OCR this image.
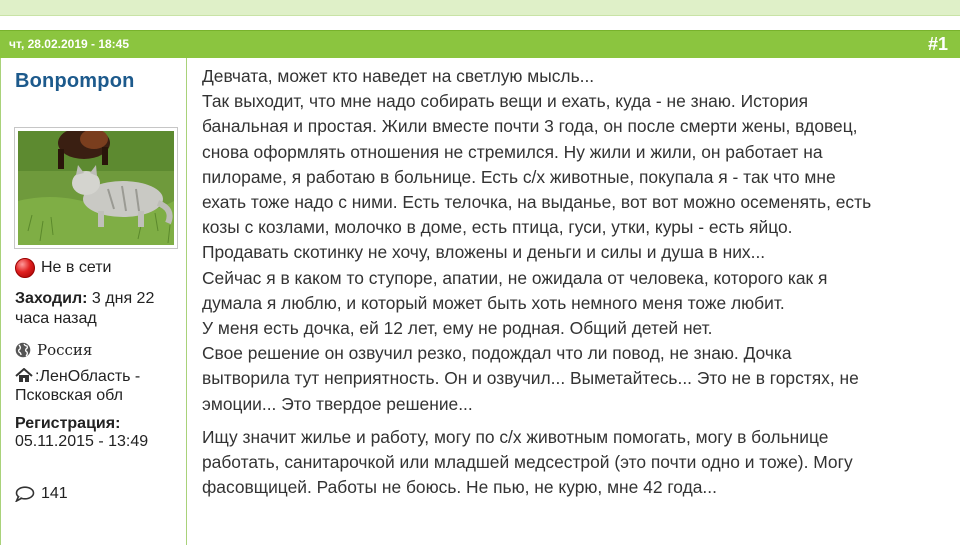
чт, 28.02.2019 - 18:45	#1
Bonpompon
Не в сети
Заходил: 3 дня 22 часа назад
Россия
:ЛенОбласть - Псковская обл
Регистрация:
05.11.2015 - 13:49
141

Девчата, может кто наведет на светлую мысль...

Так выходит, что мне надо собирать вещи и ехать, куда - не знаю. История

банальная и простая. Жили вместе почти 3 года, он после смерти жены, вдовец,

снова оформлять отношения не стремился. Ну жили и жили, он работает на

пилораме, я работаю в больнице. Есть с/х животные, покупала я - так что мне

ехать тоже надо с ними. Есть телочка, на выданье, вот вот можно осеменять, есть

козы с козлами, молочко в доме, есть птица, гуси, утки, куры - есть яйцо.

Продавать скотинку не хочу, вложены и деньги и силы и душа в них...

Сейчас я в каком то ступоре, апатии, не ожидала от человека, которого как я

думала я люблю, и который может быть хоть немного меня тоже любит.

У меня есть дочка, ей 12 лет, ему не родная. Общий детей нет.

Свое решение он озвучил резко, подождал что ли повод, не знаю. Дочка

вытворила тут неприятность. Он и озвучил... Выметайтесь... Это не в горстях, не

эмоции... Это твердое решение...

Ищу значит жилье и работу, могу по с/х животным помогать, могу в больнице

работать, санитарочкой или младшей медсестрой (это почти одно и тоже). Могу

фасовщицей. Работы не боюсь. Не пью, не курю, мне 42 года...
